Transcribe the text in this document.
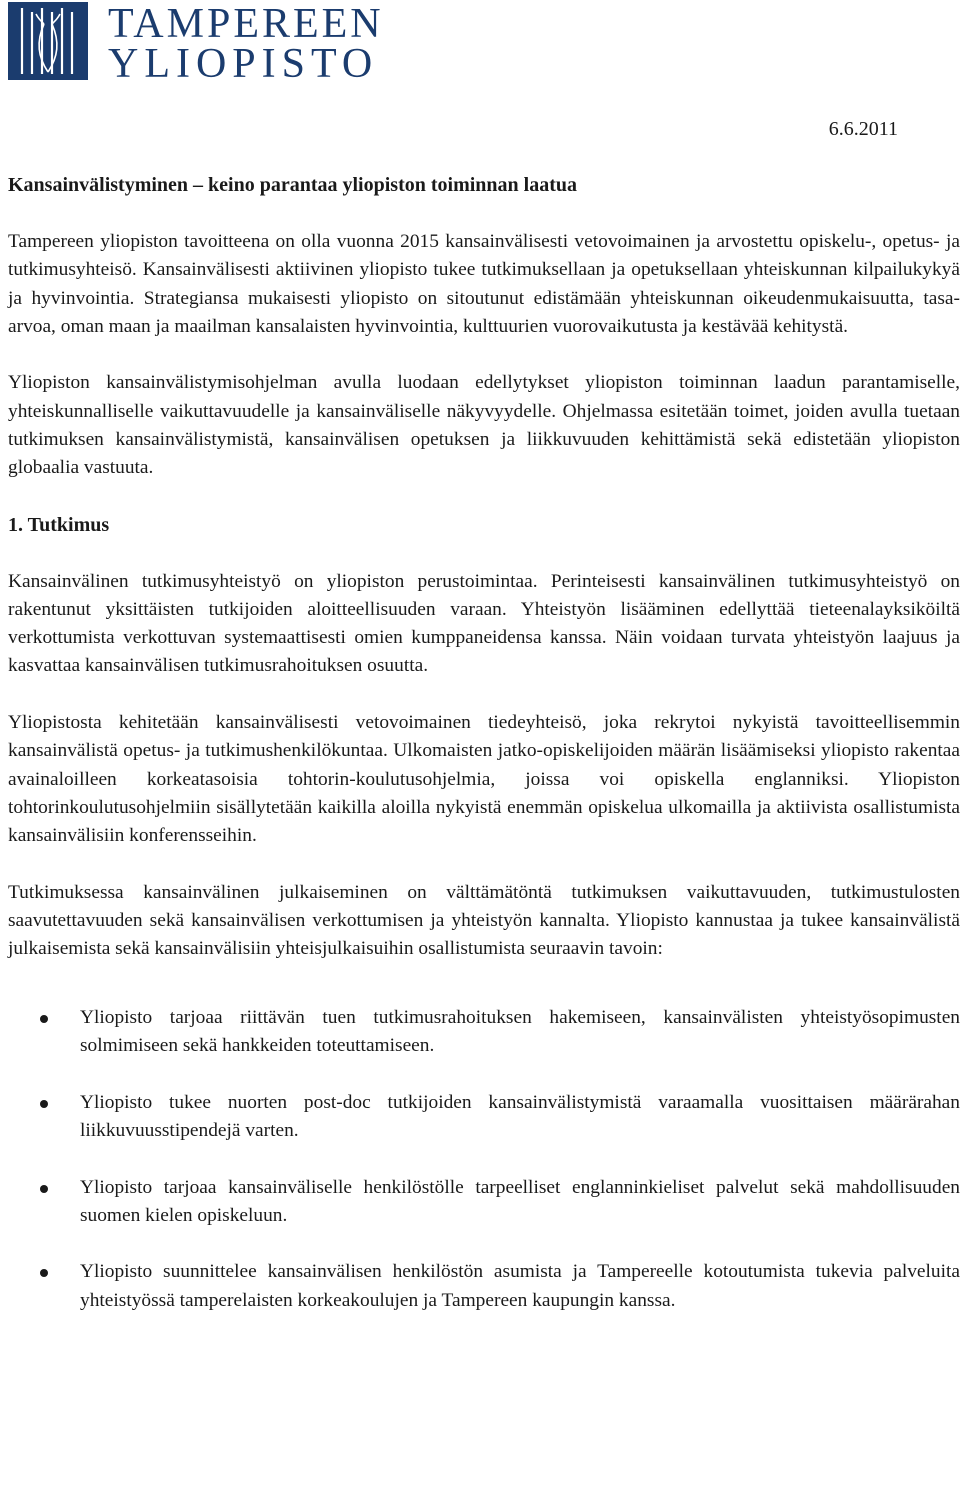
TAMPEREEN
YLIOPISTO
6.6.2011
Kansainvälistyminen – keino parantaa yliopiston toiminnan laatua

Tampereen yliopiston tavoitteena on olla vuonna 2015 kansainvälisesti vetovoimainen ja arvostettu opiskelu-, opetus- ja tutkimusyhteisö. Kansainvälisesti aktiivinen yliopisto tukee tutkimuksellaan ja opetuksellaan yhteiskunnan kilpailukykyä ja hyvinvointia. Strategiansa mukaisesti yliopisto on sitoutunut edistämään yhteiskunnan oikeudenmukaisuutta, tasa-arvoa, oman maan ja maailman kansalaisten hyvinvointia, kulttuurien vuorovaikutusta ja kestävää kehitystä.

Yliopiston kansainvälistymisohjelman avulla luodaan edellytykset yliopiston toiminnan laadun parantamiselle, yhteiskunnalliselle vaikuttavuudelle ja kansainväliselle näkyvyydelle. Ohjelmassa esitetään toimet, joiden avulla tuetaan tutkimuksen kansainvälistymistä, kansainvälisen opetuksen ja liikkuvuuden kehittämistä sekä edistetään yliopiston globaalia vastuuta.

1. Tutkimus

Kansainvälinen tutkimusyhteistyö on yliopiston perustoimintaa. Perinteisesti kansainvälinen tutkimusyhteistyö on rakentunut yksittäisten tutkijoiden aloitteellisuuden varaan. Yhteistyön lisääminen edellyttää tieteenalayksiköiltä verkottumista verkottuvan systemaattisesti omien kumppaneidensa kanssa. Näin voidaan turvata yhteistyön laajuus ja kasvattaa kansainvälisen tutkimusrahoituksen osuutta.

Yliopistosta kehitetään kansainvälisesti vetovoimainen tiedeyhteisö, joka rekrytoi nykyistä tavoitteellisemmin kansainvälistä opetus- ja tutkimushenkilökuntaa. Ulkomaisten jatko-opiskelijoiden määrän lisäämiseksi yliopisto rakentaa avainaloilleen korkeatasoisia tohtorin-koulutusohjelmia, joissa voi opiskella englanniksi. Yliopiston tohtorinkoulutusohjelmiin sisällytetään kaikilla aloilla nykyistä enemmän opiskelua ulkomailla ja aktiivista osallistumista kansainvälisiin konferensseihin.

Tutkimuksessa kansainvälinen julkaiseminen on välttämätöntä tutkimuksen vaikuttavuuden, tutkimustulosten saavutettavuuden sekä kansainvälisen verkottumisen ja yhteistyön kannalta. Yliopisto kannustaa ja tukee kansainvälistä julkaisemista sekä kansainvälisiin yhteisjulkaisuihin osallistumista seuraavin tavoin:

Yliopisto tarjoaa riittävän tuen tutkimusrahoituksen hakemiseen, kansainvälisten yhteistyösopimusten solmimiseen sekä hankkeiden toteuttamiseen.
Yliopisto tukee nuorten post-doc tutkijoiden kansainvälistymistä varaamalla vuosittaisen määrärahan liikkuvuusstipendejä varten.
Yliopisto tarjoaa kansainväliselle henkilöstölle tarpeelliset englanninkieliset palvelut sekä mahdollisuuden suomen kielen opiskeluun.
Yliopisto suunnittelee kansainvälisen henkilöstön asumista ja Tampereelle kotoutumista tukevia palveluita yhteistyössä tamperelaisten korkeakoulujen ja Tampereen kaupungin kanssa.
